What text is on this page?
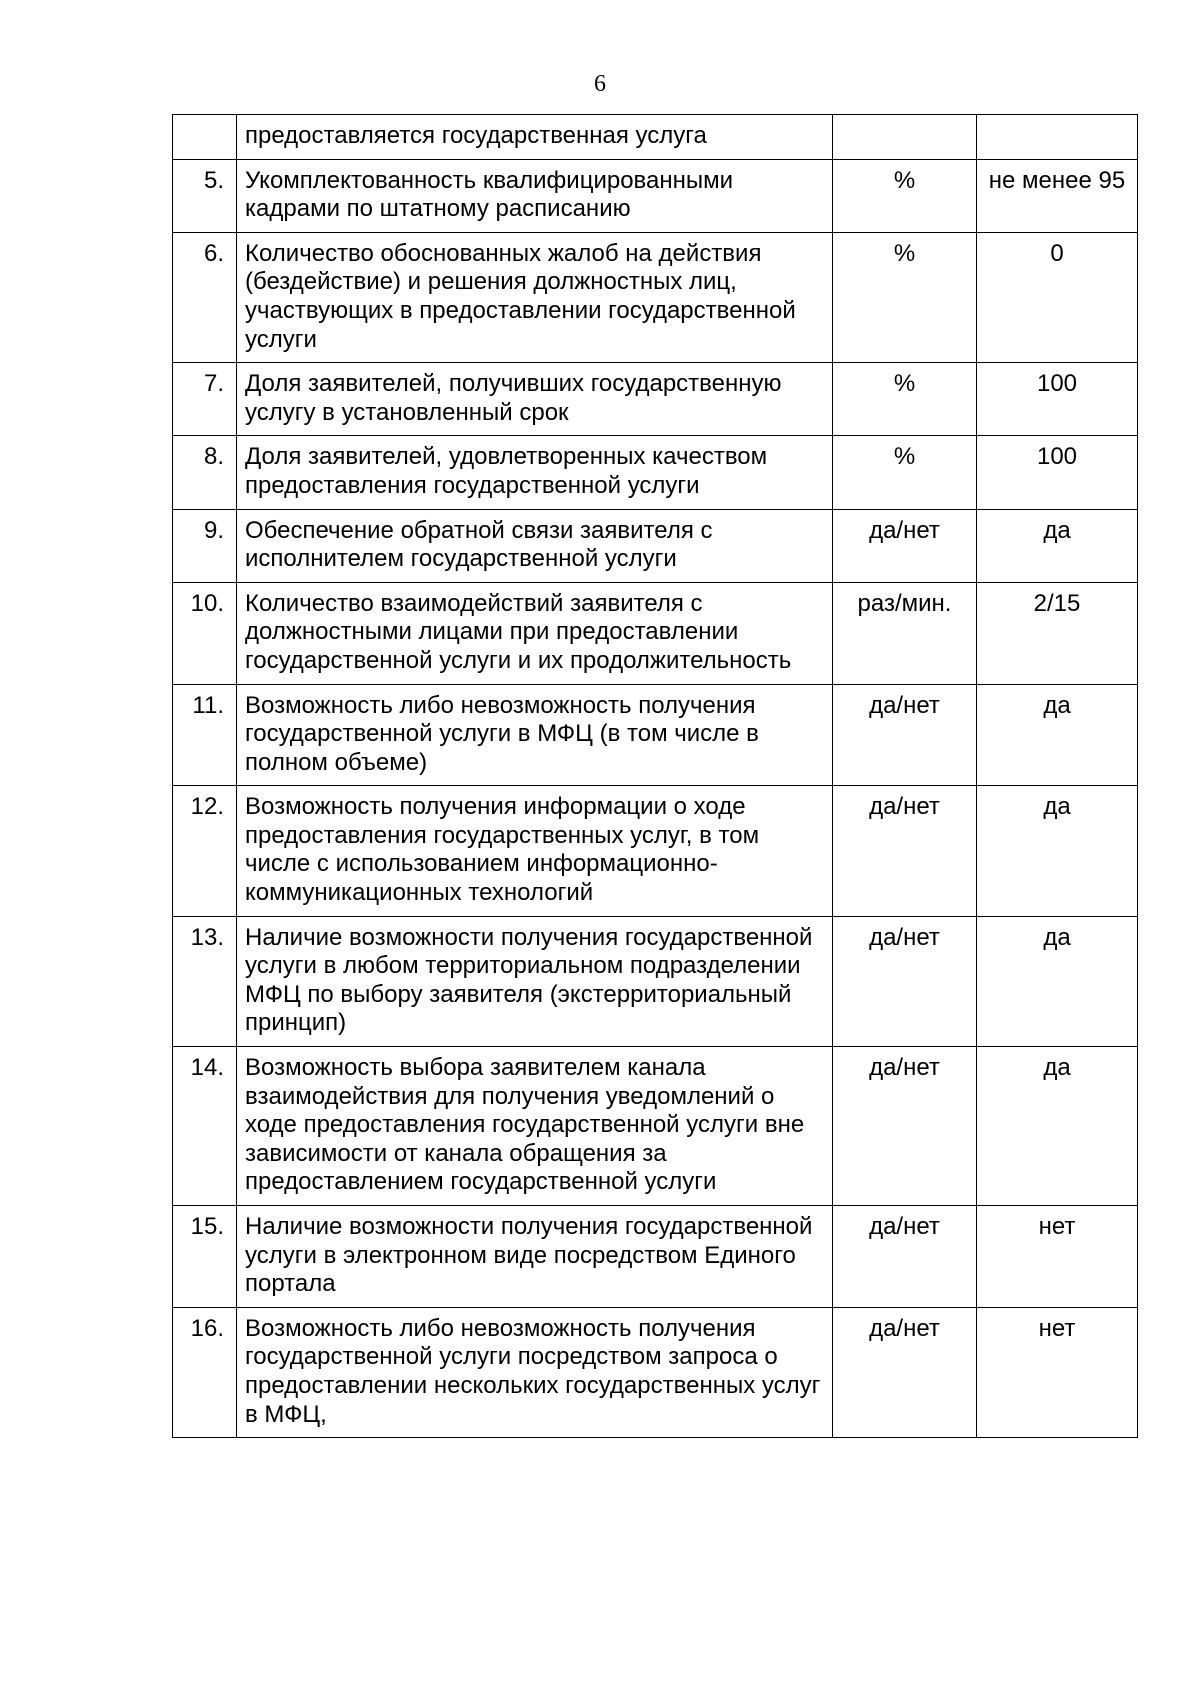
6
	предоставляется государственная услуга		
5.	Укомплектованность квалифицированными кадрами по штатному расписанию	%	не менее 95
6.	Количество обоснованных жалоб на действия (бездействие) и решения должностных лиц, участвующих в предоставлении государственной услуги	%	0
7.	Доля заявителей, получивших государственную услугу в установленный срок	%	100
8.	Доля заявителей, удовлетворенных качеством предоставления государственной услуги	%	100
9.	Обеспечение обратной связи заявителя с исполнителем государственной услуги	да/нет	да
10.	Количество взаимодействий заявителя с должностными лицами при предоставлении государственной услуги и их продолжительность	раз/мин.	2/15
11.	Возможность либо невозможность получения государственной услуги в МФЦ (в том числе в полном объеме)	да/нет	да
12.	Возможность получения информации о ходе предоставления государственных услуг, в том числе с использованием информационно-коммуникационных технологий	да/нет	да
13.	Наличие возможности получения государственной услуги в любом территориальном подразделении МФЦ по выбору заявителя (экстерриториальный принцип)	да/нет	да
14.	Возможность выбора заявителем канала взаимодействия для получения уведомлений о ходе предоставления государственной услуги вне зависимости от канала обращения за предоставлением государственной услуги	да/нет	да
15.	Наличие возможности получения государственной услуги в электронном виде посредством Единого портала	да/нет	нет
16.	Возможность либо невозможность получения государственной услуги посредством запроса о предоставлении нескольких государственных услуг в МФЦ,	да/нет	нет
